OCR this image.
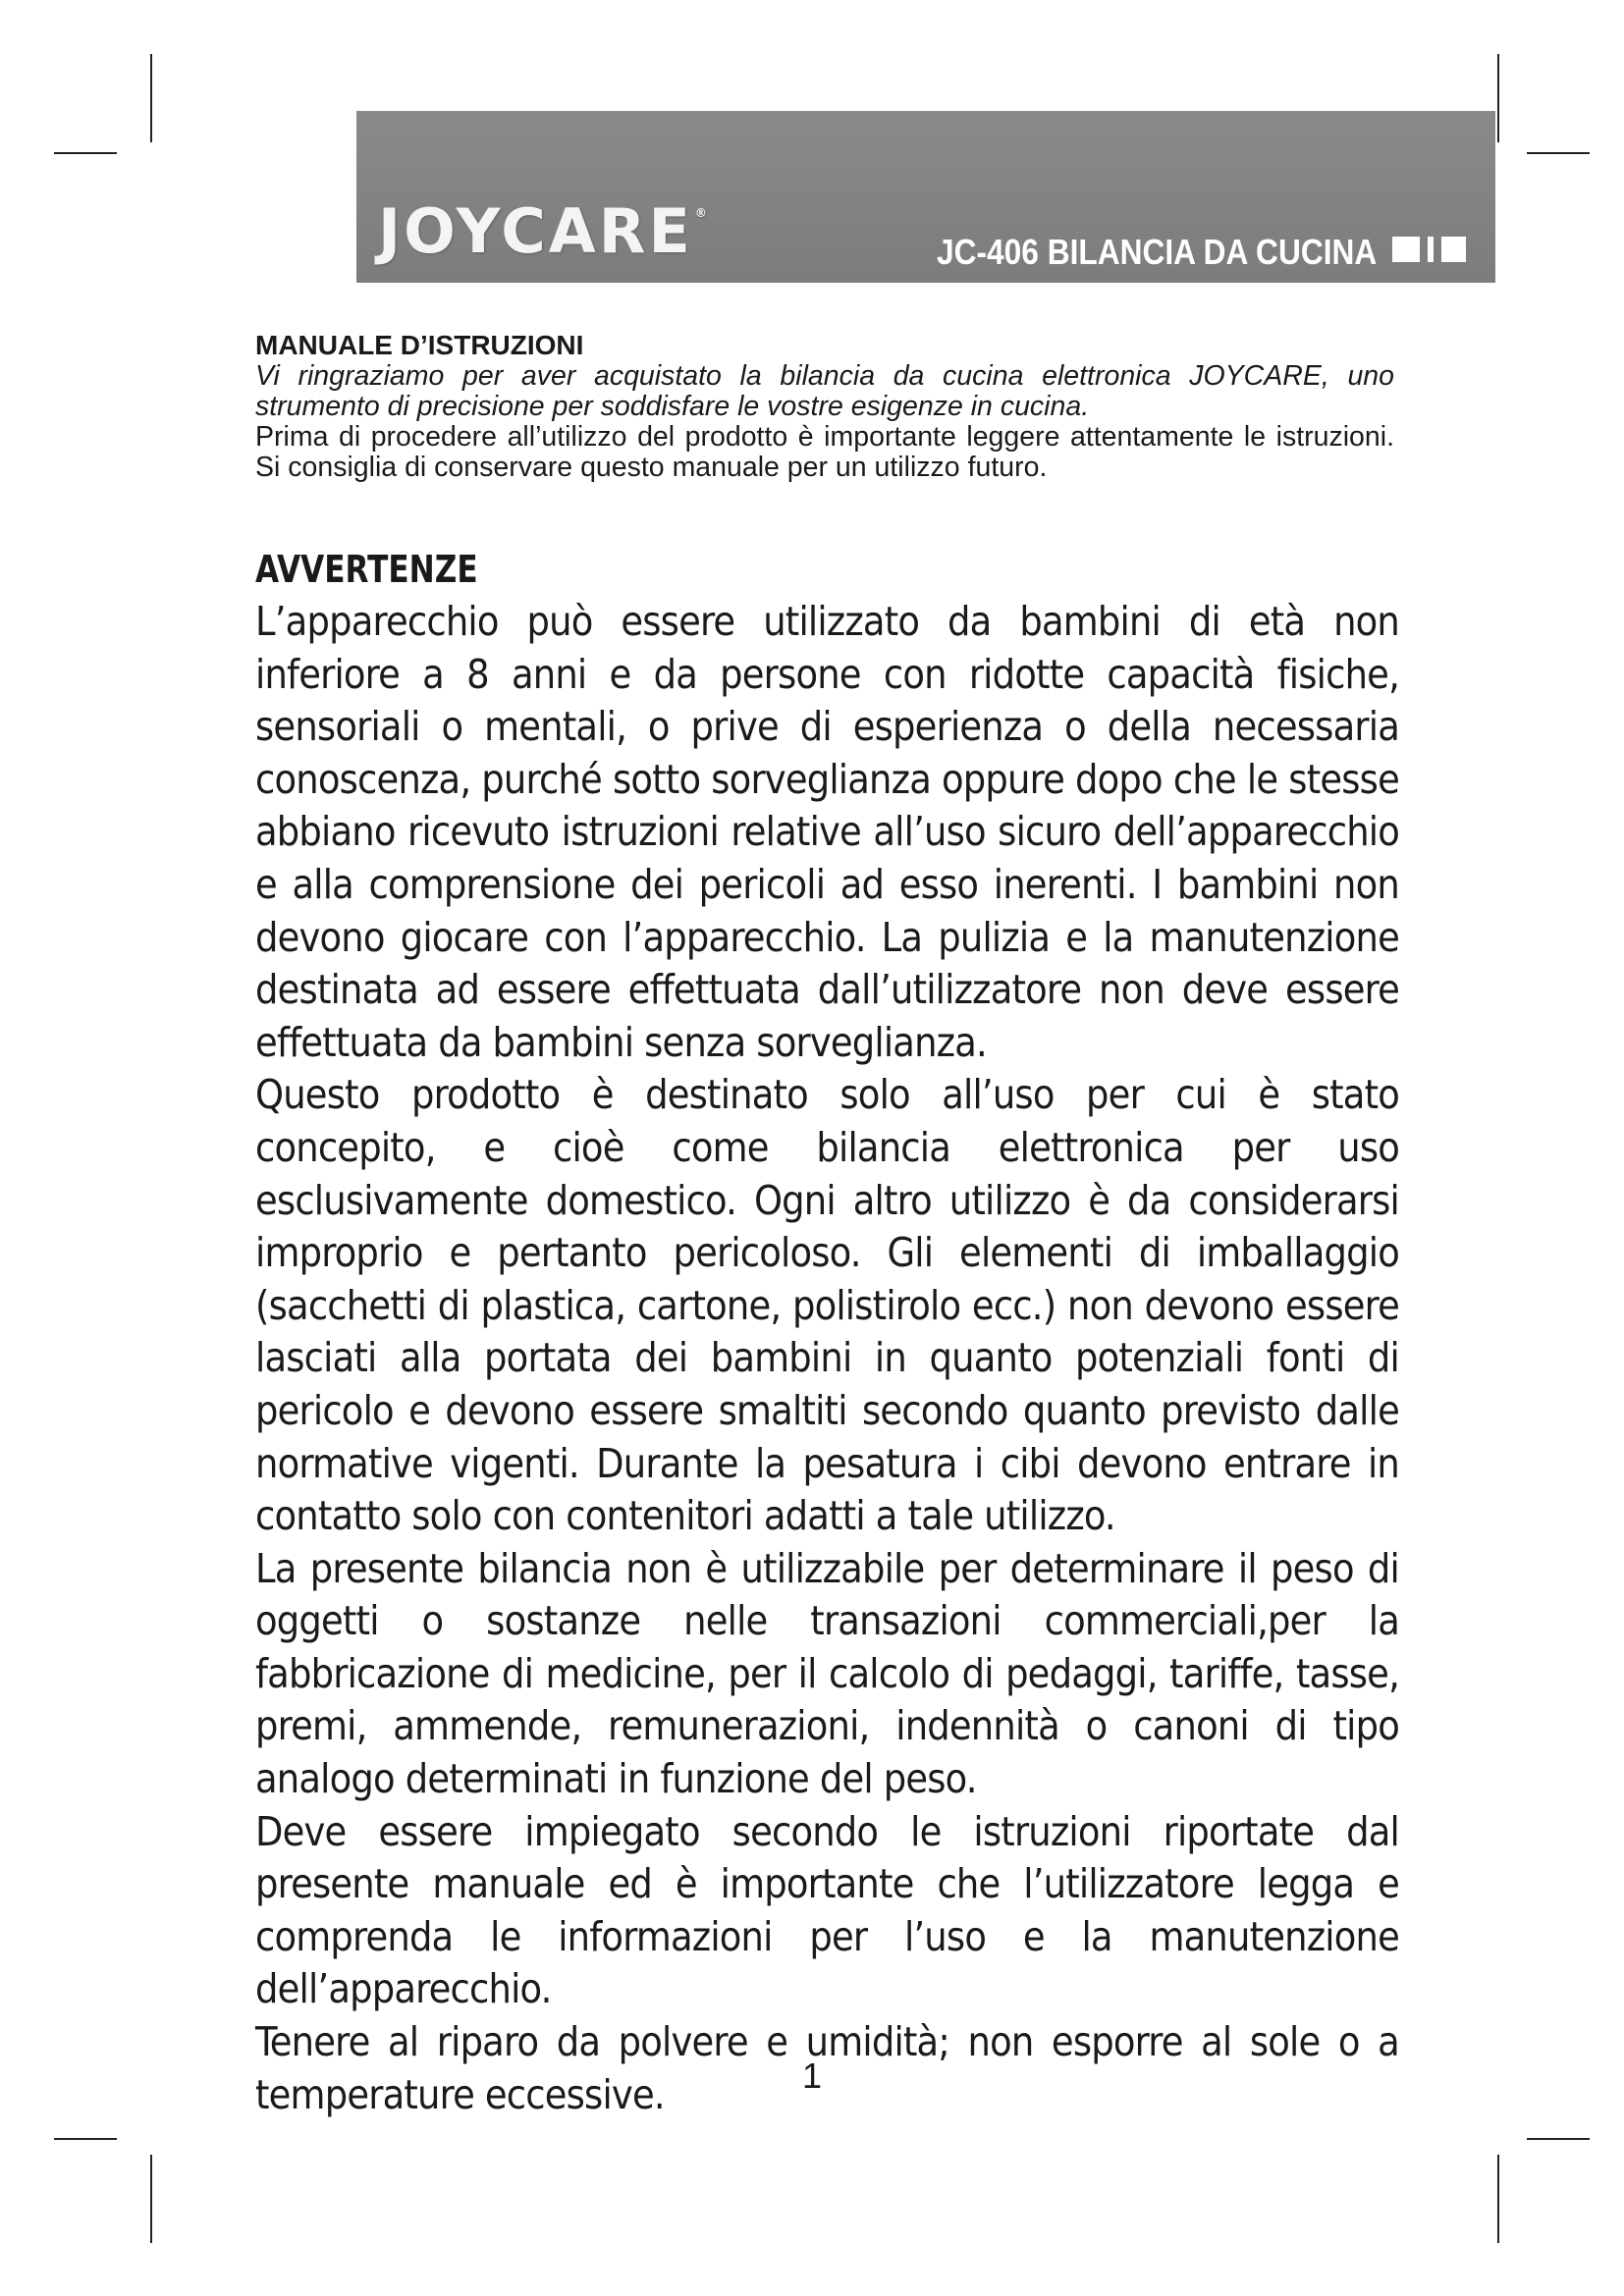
JOYCARE ®
JC-406 BILANCIA DA CUCINA

MANUALE D’ISTRUZIONI

Vi ringraziamo per aver acquistato la bilancia da cucina elettronica JOYCARE, uno strumento di precisione per soddisfare le vostre esigenze in cucina.

Prima di procedere all’utilizzo del prodotto è importante leggere attentamente le istruzioni. Si consiglia di conservare questo manuale per un utilizzo futuro.

AVVERTENZE

L’apparecchio può essere utilizzato da bambini di età non inferiore a 8 anni e da persone con ridotte capacità fisiche, sensoriali o mentali, o prive di esperienza o della necessaria conoscenza, purché sotto sorveglianza oppure dopo che le stesse abbiano ricevuto istruzioni relative all’uso sicuro dell’apparecchio e alla comprensione dei pericoli ad esso inerenti. I bambini non devono giocare con l’apparecchio. La pulizia e la manutenzione destinata ad essere effettuata dall’utilizzatore non deve essere effettuata da bambini senza sorveglianza.

Questo prodotto è destinato solo all’uso per cui è stato concepito, e cioè come bilancia elettronica per uso esclusivamente domestico. Ogni altro utilizzo è da considerarsi improprio e pertanto pericoloso. Gli elementi di imballaggio (sacchetti di plastica, cartone, polistirolo ecc.) non devono essere lasciati alla portata dei bambini in quanto potenziali fonti di pericolo e devono essere smaltiti secondo quanto previsto dalle normative vigenti. Durante la pesatura i cibi devono entrare in contatto solo con contenitori adatti a tale utilizzo.

La presente bilancia non è utilizzabile per determinare il peso di oggetti o sostanze nelle transazioni commerciali,per la fabbricazione di medicine, per il calcolo di pedaggi, tariffe, tasse, premi, ammende, remunerazioni, indennità o canoni di tipo analogo determinati in funzione del peso.

Deve essere impiegato secondo le istruzioni riportate dal presente manuale ed è importante che l’utilizzatore legga e comprenda le informazioni per l’uso e la manutenzione dell’apparecchio.

Tenere al riparo da polvere e umidità; non esporre al sole o a temperature eccessive.	1
